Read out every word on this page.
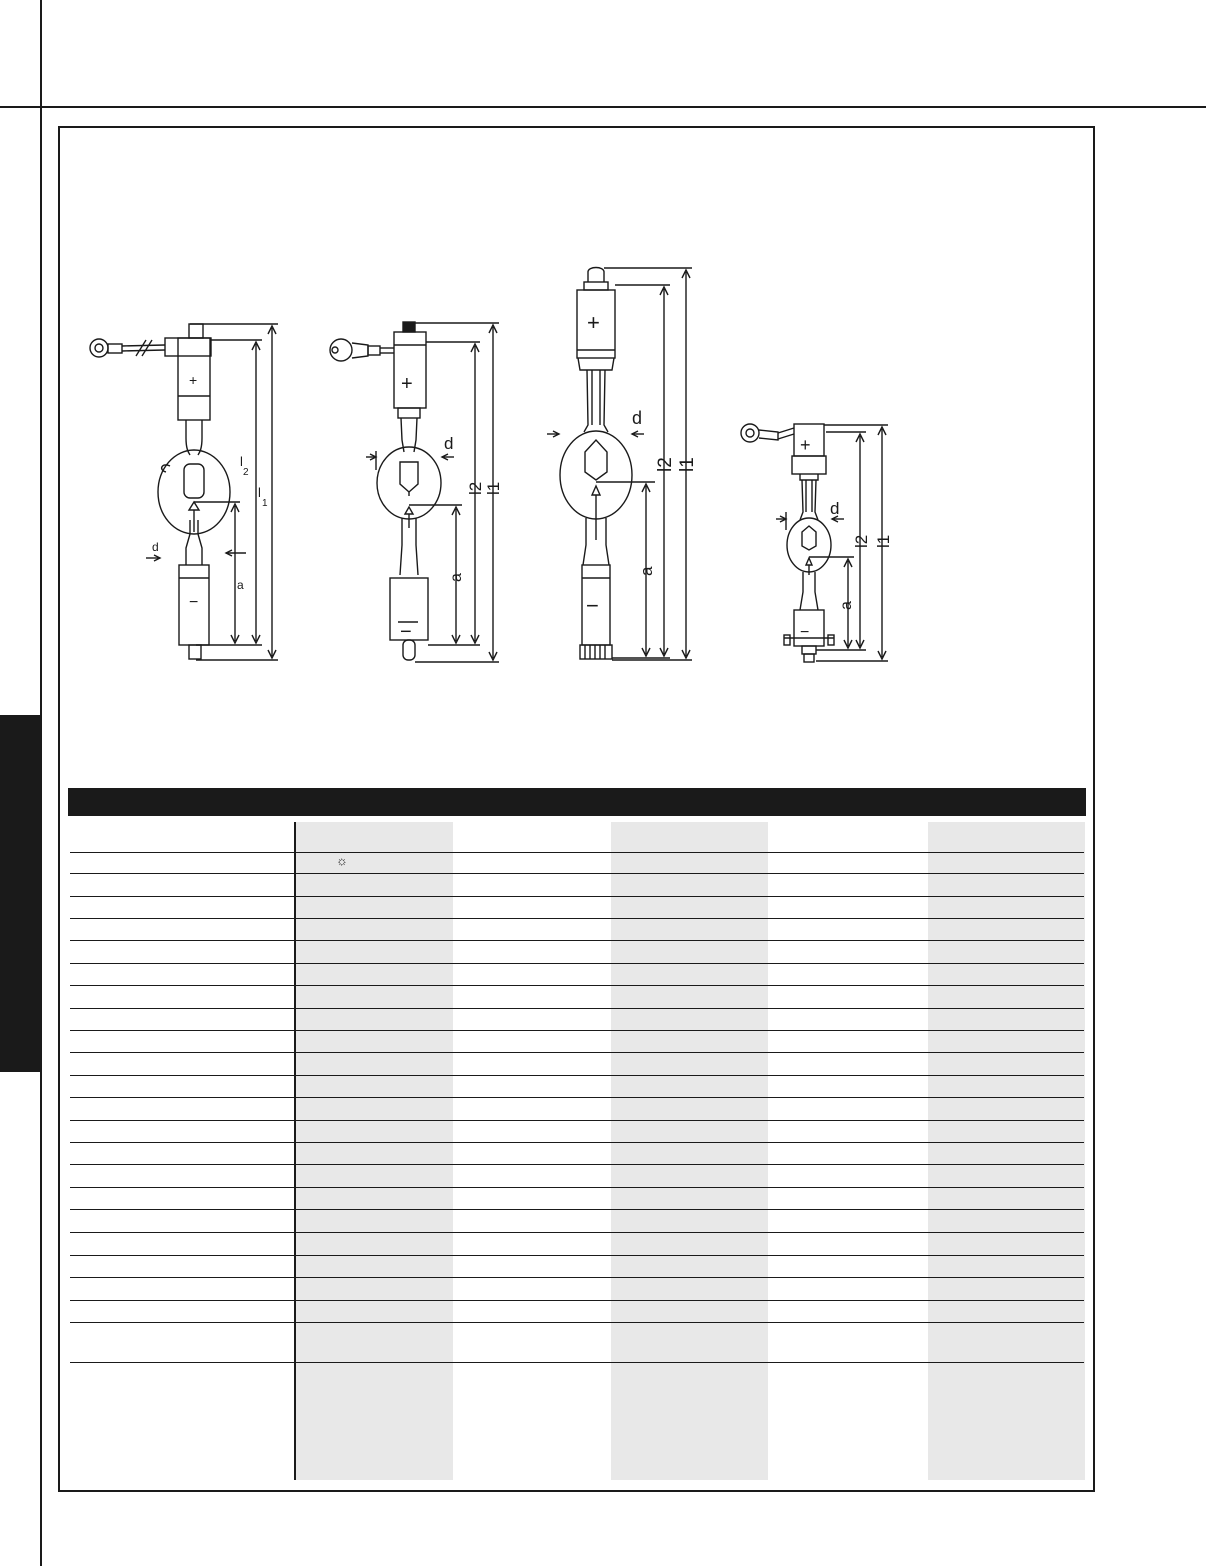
+
−
l
2
l
1
a
d
+
−
l2 l1
a
d
+
−
l2 l1
a
d
+
−
l2 l1
a
d
☼
